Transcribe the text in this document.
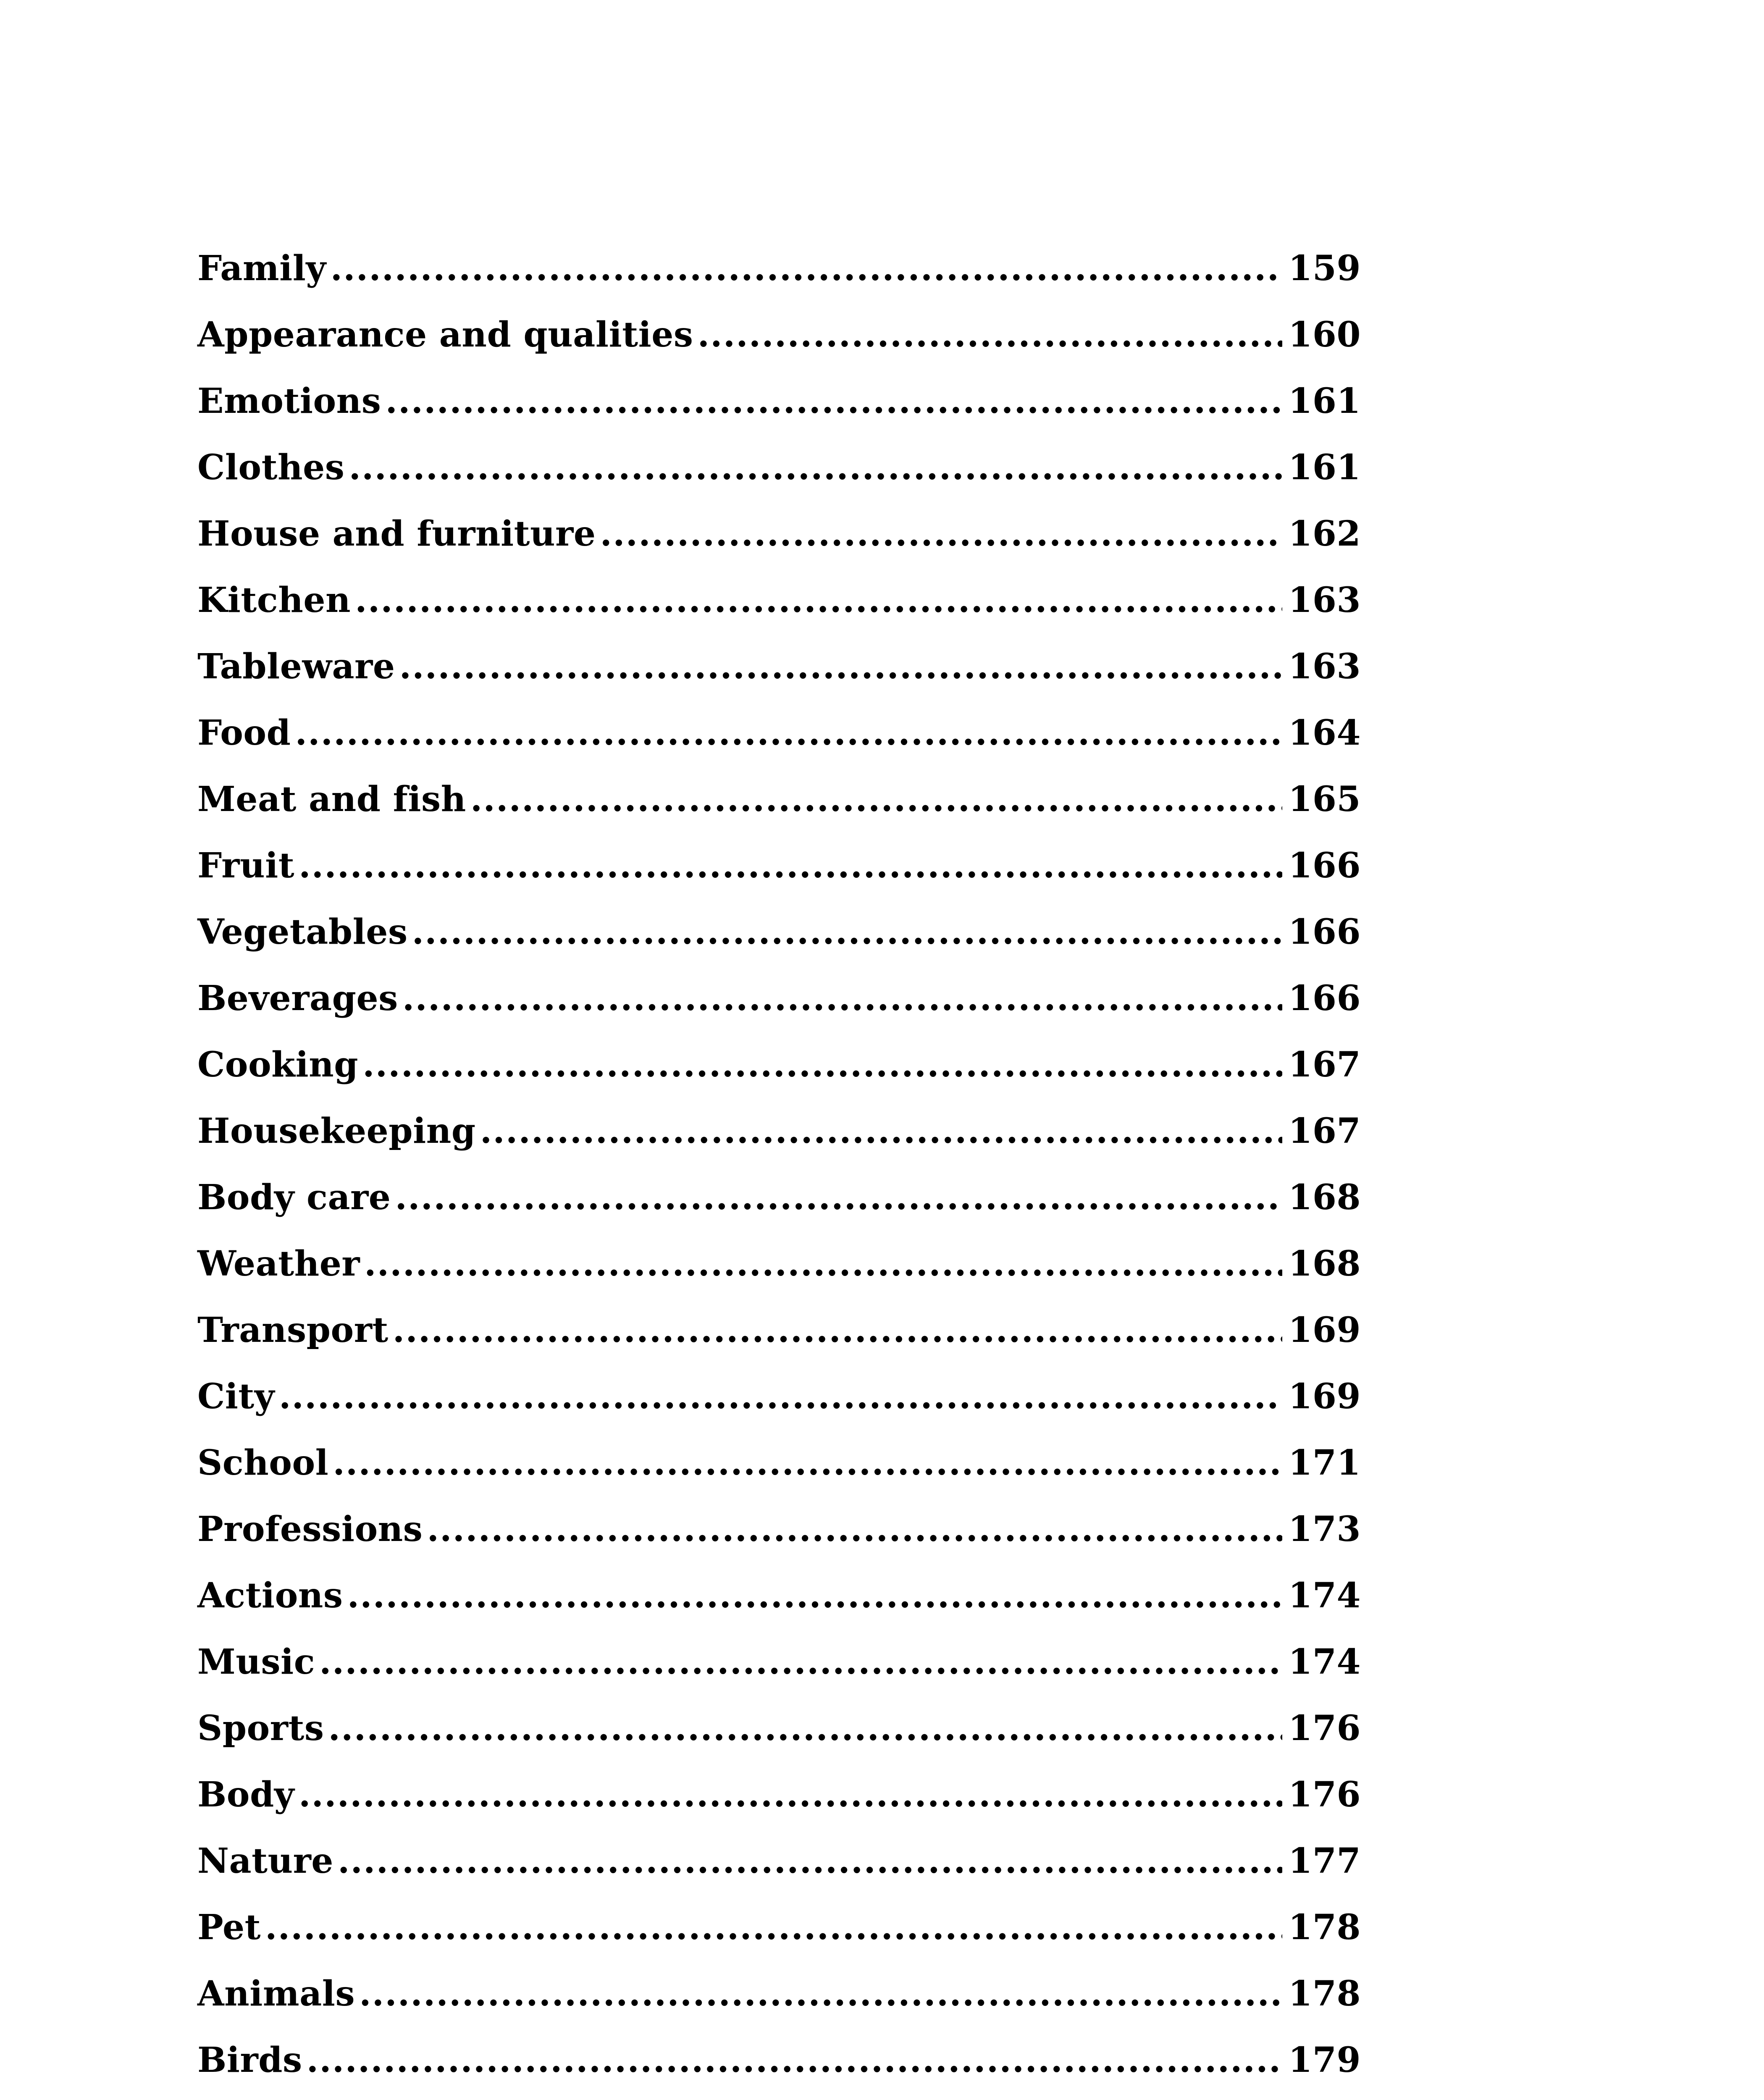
Family .....	159
Appearance and qualities .....	160
Emotions .....	161
Clothes .....	161
House and furniture .....	162
Kitchen .....	163
Tableware .....	163
Food .....	164
Meat and fish .....	165
Fruit .....	166
Vegetables .....	166
Beverages .....	166
Cooking .....	167
Housekeeping .....	167
Body care .....	168
Weather .....	168
Transport .....	169
City .....	169
School .....	171
Professions .....	173
Actions .....	174
Music .....	174
Sports .....	176
Body .....	176
Nature .....	177
Pet .....	178
Animals .....	178
Birds .....	179
.....
